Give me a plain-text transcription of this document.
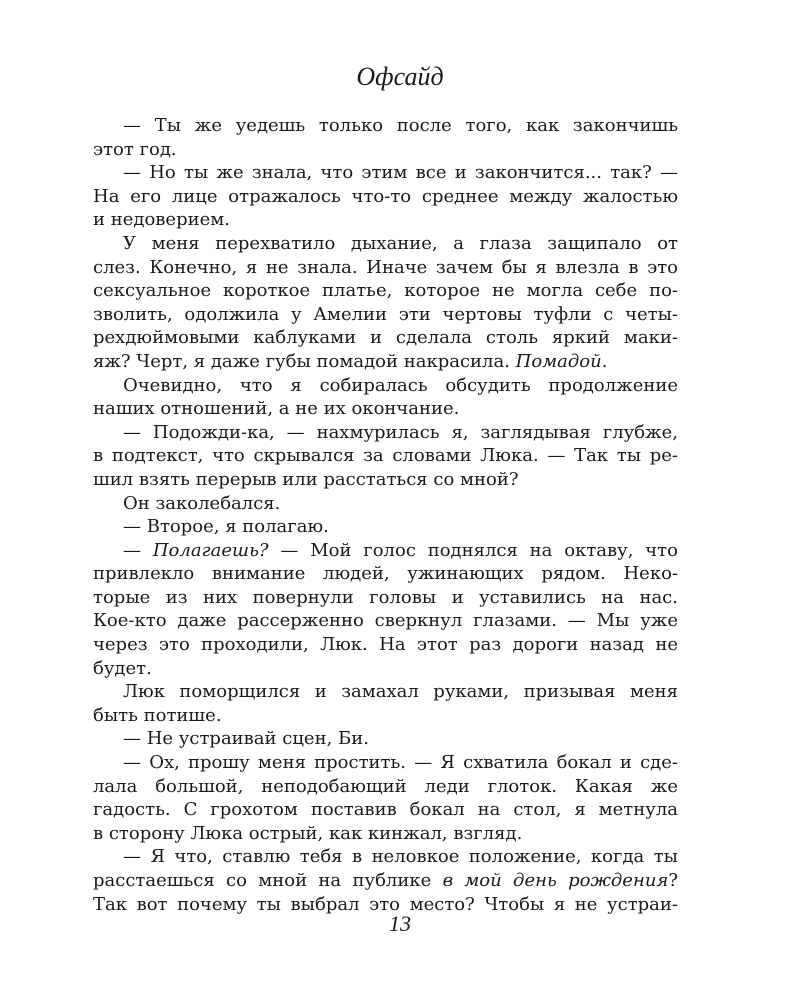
Офсайд
— Ты же уедешь только после того, как закончишь
этот год.
— Но ты же знала, что этим все и закончится... так? —
На его лице отражалось что-то среднее между жалостью
и недоверием.
У меня перехватило дыхание, а глаза защипало от
слез. Конечно, я не знала. Иначе зачем бы я влезла в это
сексуальное короткое платье, которое не могла себе по-
зволить, одолжила у Амелии эти чертовы туфли с четы-
рехдюймовыми каблуками и сделала столь яркий маки-
яж? Черт, я даже губы помадой накрасила. Помадой.
Очевидно, что я собиралась обсудить продолжение
наших отношений, а не их окончание.
— Подожди-ка, — нахмурилась я, заглядывая глубже,
в подтекст, что скрывался за словами Люка. — Так ты ре-
шил взять перерыв или расстаться со мной?
Он заколебался.
— Второе, я полагаю.
— Полагаешь? — Мой голос поднялся на октаву, что
привлекло внимание людей, ужинающих рядом. Неко-
торые из них повернули головы и уставились на нас.
Кое-кто даже рассерженно сверкнул глазами. — Мы уже
через это проходили, Люк. На этот раз дороги назад не
будет.
Люк поморщился и замахал руками, призывая меня
быть потише.
— Не устраивай сцен, Би.
— Ох, прошу меня простить. — Я схватила бокал и сде-
лала большой, неподобающий леди глоток. Какая же
гадость. С грохотом поставив бокал на стол, я метнула
в сторону Люка острый, как кинжал, взгляд.
— Я что, ставлю тебя в неловкое положение, когда ты
расстаешься со мной на публике в мой день рождения?
Так вот почему ты выбрал это место? Чтобы я не устраи-
13
